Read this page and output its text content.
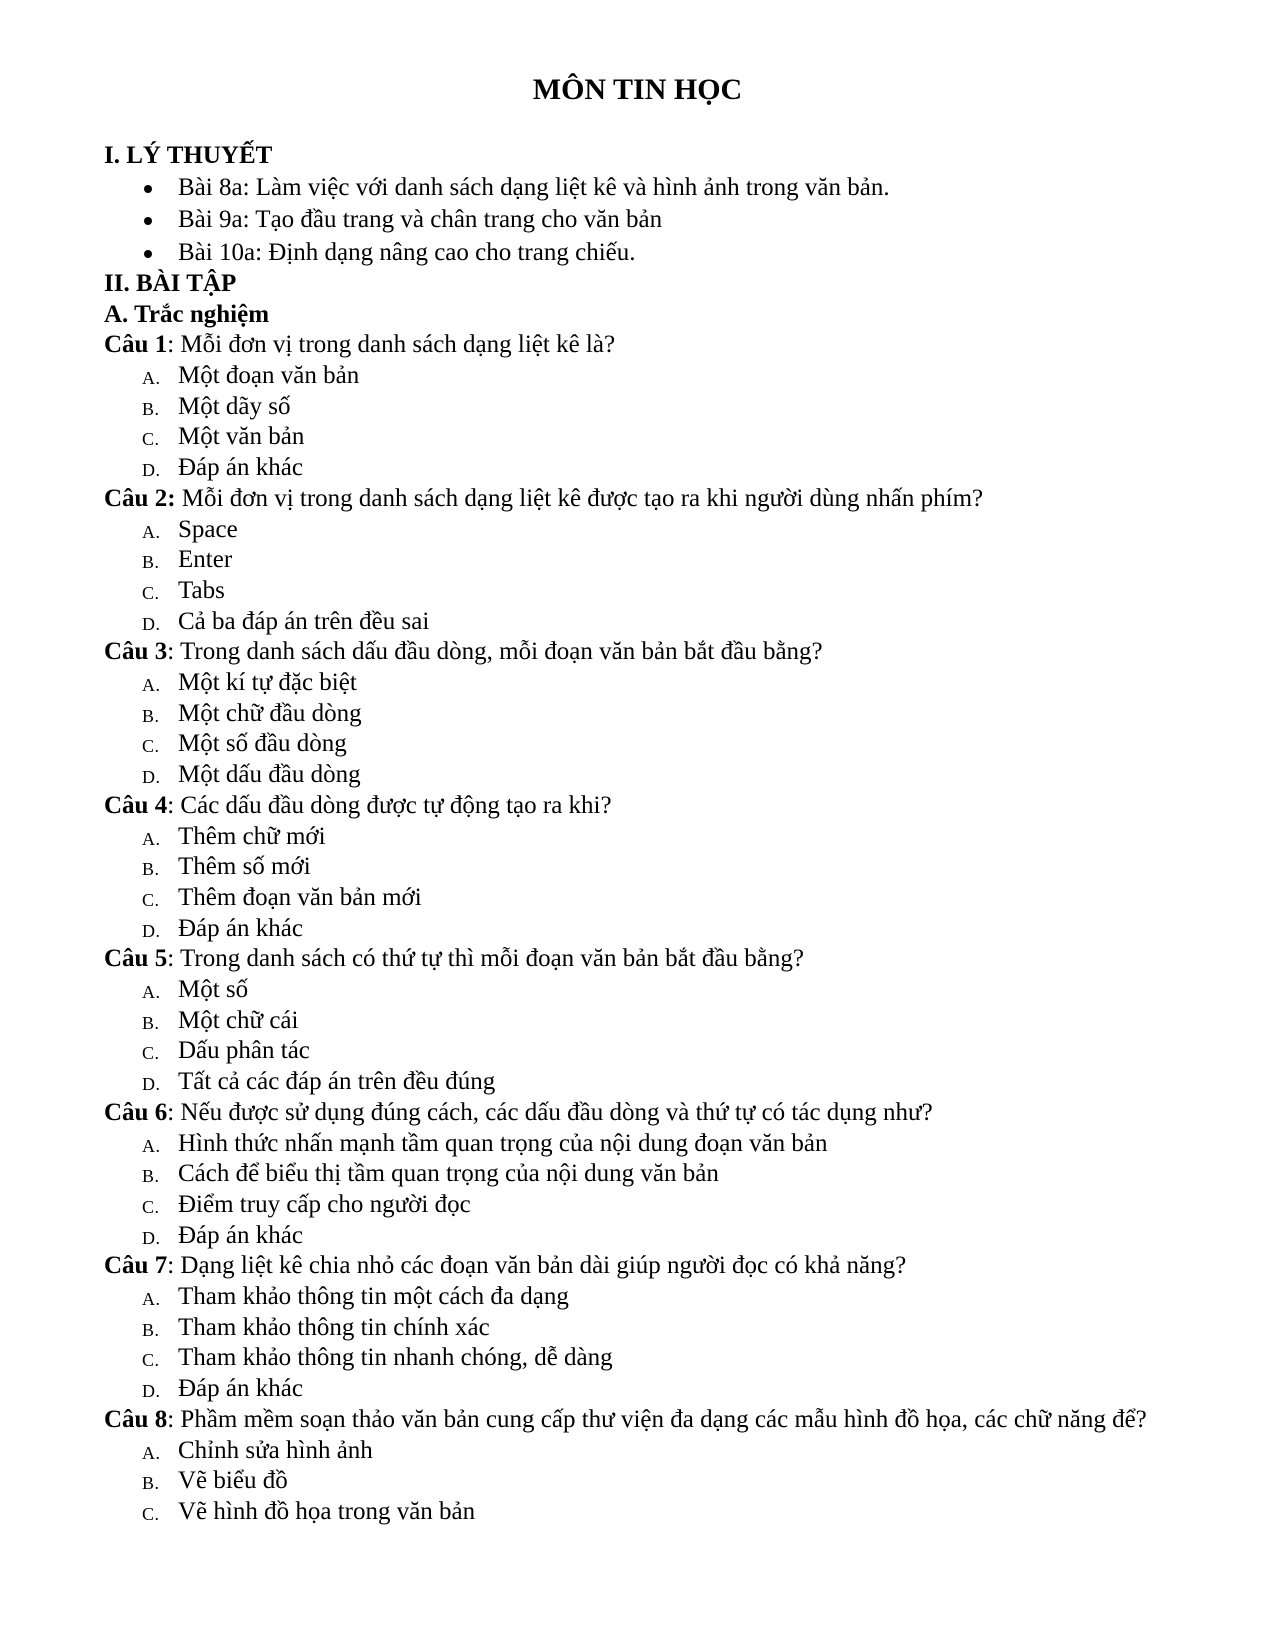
MÔN TIN HỌC
I. LÝ THUYẾT
Bài 8a: Làm việc với danh sách dạng liệt kê và hình ảnh trong văn bản.
Bài 9a: Tạo đầu trang và chân trang cho văn bản
Bài 10a: Định dạng nâng cao cho trang chiếu.
II. BÀI TẬP
A. Trắc nghiệm

Câu 1: Mỗi đơn vị trong danh sách dạng liệt kê là?

A. Một đoạn văn bản
B. Một dãy số
C. Một văn bản
D. Đáp án khác

Câu 2: Mỗi đơn vị trong danh sách dạng liệt kê được tạo ra khi người dùng nhấn phím?

A. Space
B. Enter
C. Tabs
D. Cả ba đáp án trên đều sai

Câu 3: Trong danh sách dấu đầu dòng, mỗi đoạn văn bản bắt đầu bằng?

A. Một kí tự đặc biệt
B. Một chữ đầu dòng
C. Một số đầu dòng
D. Một dấu đầu dòng

Câu 4: Các dấu đầu dòng được tự động tạo ra khi?

A. Thêm chữ mới
B. Thêm số mới
C. Thêm đoạn văn bản mới
D. Đáp án khác

Câu 5: Trong danh sách có thứ tự thì mỗi đoạn văn bản bắt đầu bằng?

A. Một số
B. Một chữ cái
C. Dấu phân tác
D. Tất cả các đáp án trên đều đúng

Câu 6: Nếu được sử dụng đúng cách, các dấu đầu dòng và thứ tự có tác dụng như?

A. Hình thức nhấn mạnh tầm quan trọng của nội dung đoạn văn bản
B. Cách để biểu thị tầm quan trọng của nội dung văn bản
C. Điểm truy cấp cho người đọc
D. Đáp án khác

Câu 7: Dạng liệt kê chia nhỏ các đoạn văn bản dài giúp người đọc có khả năng?

A. Tham khảo thông tin một cách đa dạng
B. Tham khảo thông tin chính xác
C. Tham khảo thông tin nhanh chóng, dễ dàng
D. Đáp án khác

Câu 8: Phầm mềm soạn thảo văn bản cung cấp thư viện đa dạng các mẫu hình đồ họa, các chữ năng để?

A. Chỉnh sửa hình ảnh
B. Vẽ biểu đồ
C. Vẽ hình đồ họa trong văn bản
